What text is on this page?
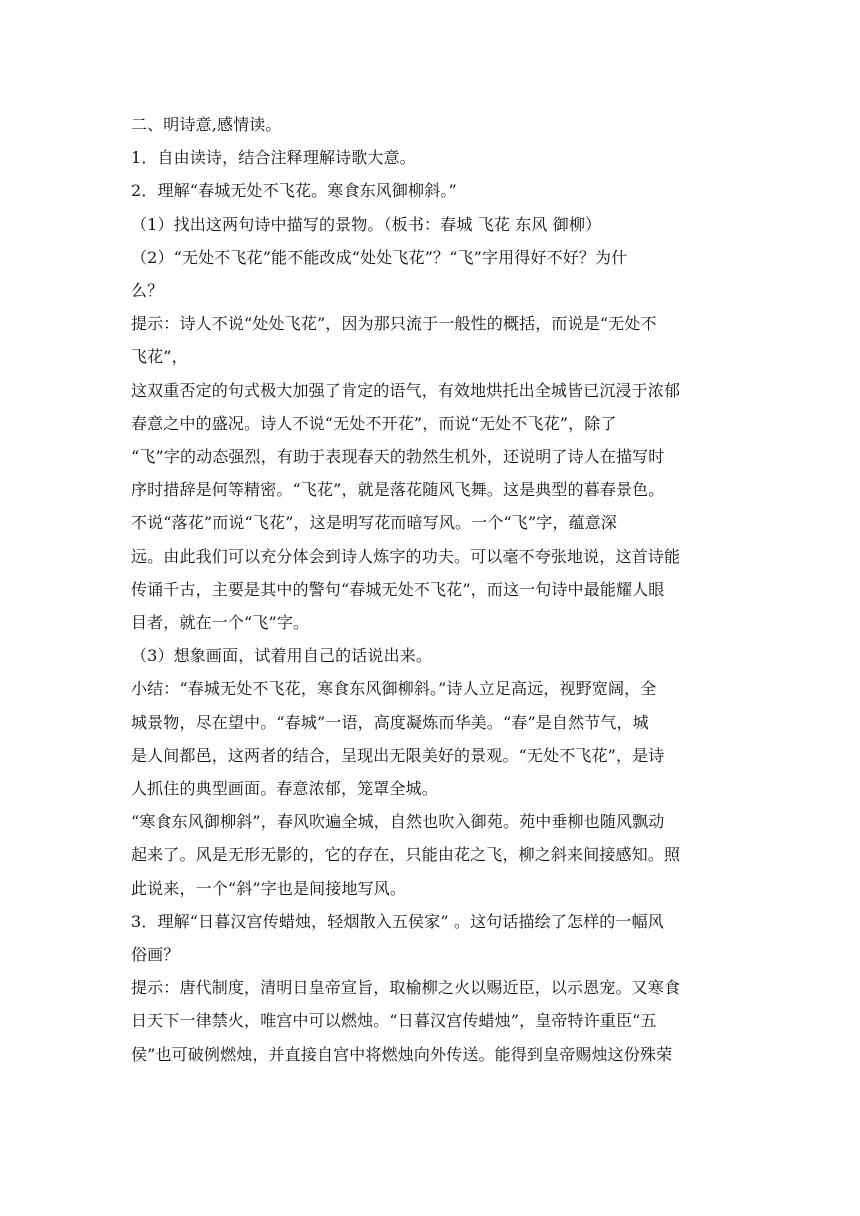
二、明诗意,感情读。
1．自由读诗，结合注释理解诗歌大意。
2．理解“春城无处不飞花。寒食东风御柳斜。”
（1）找出这两句诗中描写的景物。（板书：春城 飞花 东风 御柳）
（2）“无处不飞花”能不能改成“处处飞花”？“飞”字用得好不好？为什
么？
提示：诗人不说“处处飞花”，因为那只流于一般性的概括，而说是“无处不
飞花”，
这双重否定的句式极大加强了肯定的语气，有效地烘托出全城皆已沉浸于浓郁
春意之中的盛况。诗人不说“无处不开花”，而说“无处不飞花”，除了
“飞”字的动态强烈，有助于表现春天的勃然生机外，还说明了诗人在描写时
序时措辞是何等精密。“飞花”，就是落花随风飞舞。这是典型的暮春景色。
不说“落花”而说“飞花”，这是明写花而暗写风。一个“飞”字，蕴意深
远。由此我们可以充分体会到诗人炼字的功夫。可以毫不夸张地说，这首诗能
传诵千古，主要是其中的警句“春城无处不飞花”，而这一句诗中最能耀人眼
目者，就在一个“飞”字。
（3）想象画面，试着用自己的话说出来。
小结：“春城无处不飞花，寒食东风御柳斜。”诗人立足高远，视野宽阔，全
城景物，尽在望中。“春城”一语，高度凝炼而华美。“春”是自然节气，城
是人间都邑，这两者的结合，呈现出无限美好的景观。“无处不飞花”，是诗
人抓住的典型画面。春意浓郁，笼罩全城。
“寒食东风御柳斜”，春风吹遍全城，自然也吹入御苑。苑中垂柳也随风飘动
起来了。风是无形无影的，它的存在，只能由花之飞，柳之斜来间接感知。照
此说来，一个“斜”字也是间接地写风。
3．理解“日暮汉宫传蜡烛，轻烟散入五侯家” 。这句话描绘了怎样的一幅风
俗画？
提示：唐代制度，清明日皇帝宣旨，取榆柳之火以赐近臣，以示恩宠。又寒食
日天下一律禁火，唯宫中可以燃烛。“日暮汉宫传蜡烛”，皇帝特许重臣“五
侯”也可破例燃烛，并直接自宫中将燃烛向外传送。能得到皇帝赐烛这份殊荣
